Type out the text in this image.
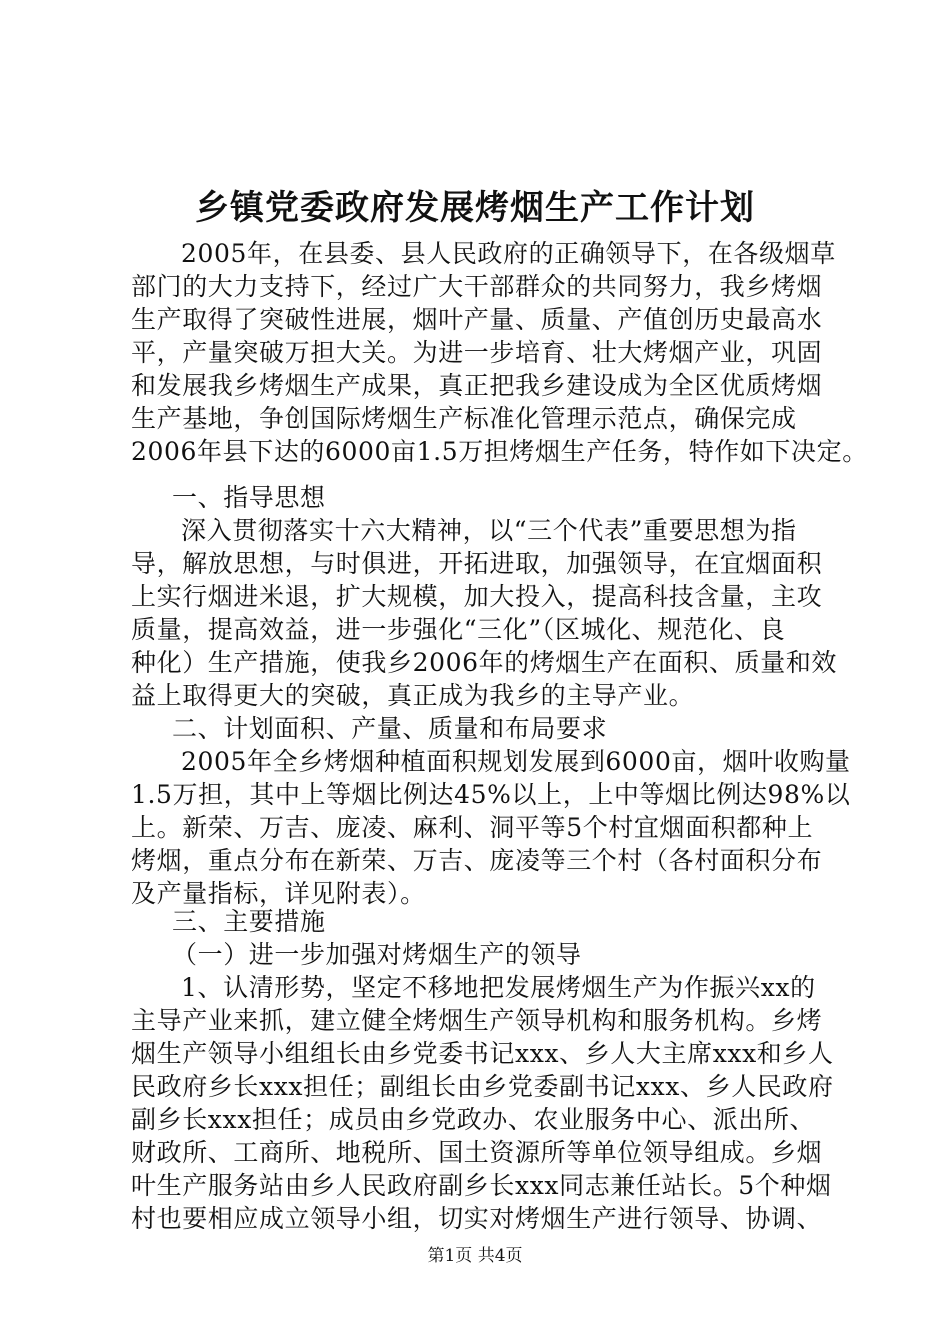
乡镇党委政府发展烤烟生产工作计划
2005年，在县委、县人民政府的正确领导下，在各级烟草
部门的大力支持下，经过广大干部群众的共同努力，我乡烤烟
生产取得了突破性进展，烟叶产量、质量、产值创历史最高水
平，产量突破万担大关。为进一步培育、壮大烤烟产业，巩固
和发展我乡烤烟生产成果，真正把我乡建设成为全区优质烤烟
生产基地，争创国际烤烟生产标准化管理示范点，确保完成
2006年县下达的6000亩1.5万担烤烟生产任务，特作如下决定。
一、指导思想
深入贯彻落实十六大精神，以“三个代表”重要思想为指
导，解放思想，与时俱进，开拓进取，加强领导，在宜烟面积
上实行烟进米退，扩大规模，加大投入，提高科技含量，主攻
质量，提高效益，进一步强化“三化”（区城化、规范化、良
种化）生产措施，使我乡2006年的烤烟生产在面积、质量和效
益上取得更大的突破，真正成为我乡的主导产业。
二、计划面积、产量、质量和布局要求
2005年全乡烤烟种植面积规划发展到6000亩，烟叶收购量
1.5万担，其中上等烟比例达45%以上，上中等烟比例达98%以
上。新荣、万吉、庞凌、麻利、洞平等5个村宜烟面积都种上
烤烟，重点分布在新荣、万吉、庞凌等三个村（各村面积分布
及产量指标，详见附表）。
三、主要措施
（一）进一步加强对烤烟生产的领导
1、认清形势，坚定不移地把发展烤烟生产为作振兴xx的
主导产业来抓，建立健全烤烟生产领导机构和服务机构。乡烤
烟生产领导小组组长由乡党委书记xxx、乡人大主席xxx和乡人
民政府乡长xxx担任；副组长由乡党委副书记xxx、乡人民政府
副乡长xxx担任；成员由乡党政办、农业服务中心、派出所、
财政所、工商所、地税所、国土资源所等单位领导组成。乡烟
叶生产服务站由乡人民政府副乡长xxx同志兼任站长。5个种烟
村也要相应成立领导小组，切实对烤烟生产进行领导、协调、
第1页 共4页
